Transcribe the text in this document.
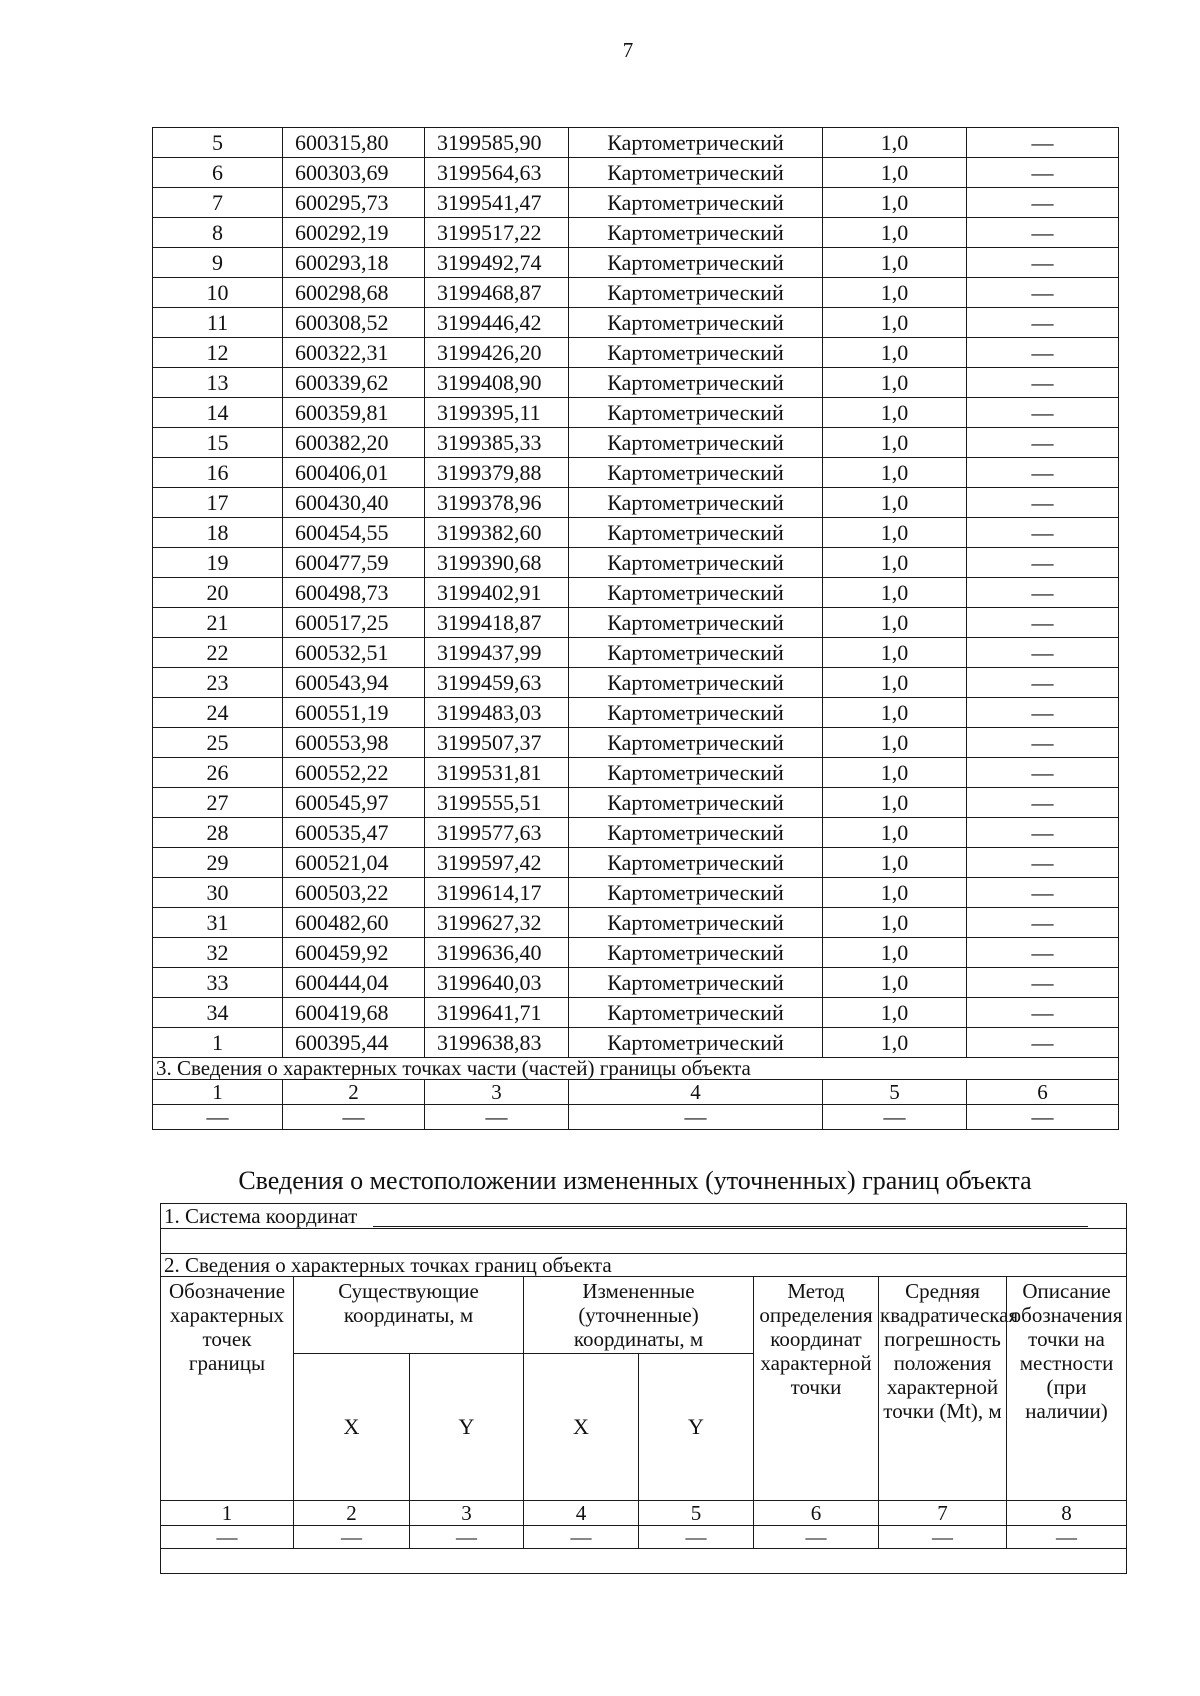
7
5	600315,80	3199585,90	Картометрический	1,0	—
6	600303,69	3199564,63	Картометрический	1,0	—
7	600295,73	3199541,47	Картометрический	1,0	—
8	600292,19	3199517,22	Картометрический	1,0	—
9	600293,18	3199492,74	Картометрический	1,0	—
10	600298,68	3199468,87	Картометрический	1,0	—
11	600308,52	3199446,42	Картометрический	1,0	—
12	600322,31	3199426,20	Картометрический	1,0	—
13	600339,62	3199408,90	Картометрический	1,0	—
14	600359,81	3199395,11	Картометрический	1,0	—
15	600382,20	3199385,33	Картометрический	1,0	—
16	600406,01	3199379,88	Картометрический	1,0	—
17	600430,40	3199378,96	Картометрический	1,0	—
18	600454,55	3199382,60	Картометрический	1,0	—
19	600477,59	3199390,68	Картометрический	1,0	—
20	600498,73	3199402,91	Картометрический	1,0	—
21	600517,25	3199418,87	Картометрический	1,0	—
22	600532,51	3199437,99	Картометрический	1,0	—
23	600543,94	3199459,63	Картометрический	1,0	—
24	600551,19	3199483,03	Картометрический	1,0	—
25	600553,98	3199507,37	Картометрический	1,0	—
26	600552,22	3199531,81	Картометрический	1,0	—
27	600545,97	3199555,51	Картометрический	1,0	—
28	600535,47	3199577,63	Картометрический	1,0	—
29	600521,04	3199597,42	Картометрический	1,0	—
30	600503,22	3199614,17	Картометрический	1,0	—
31	600482,60	3199627,32	Картометрический	1,0	—
32	600459,92	3199636,40	Картометрический	1,0	—
33	600444,04	3199640,03	Картометрический	1,0	—
34	600419,68	3199641,71	Картометрический	1,0	—
1	600395,44	3199638,83	Картометрический	1,0	—
3. Сведения о характерных точках части (частей) границы объекта					
1	2	3	4	5	6
—	—	—	—	—	—
Сведения о местоположении измененных (уточненных) границ объекта
1. Система координат							

2. Сведения о характерных точках границ объекта							
Обозначение характерных точек границы	Существующие координаты, м		Измененные (уточненные) координаты, м		Метод определения координат характерной точки	Средняя квадратическая погрешность положения характерной точки (Mt), м	Описание обозначения точки на местности (при наличии)
	X	Y	X	Y			
1	2	3	4	5	6	7	8
—	—	—	—	—	—	—	—
